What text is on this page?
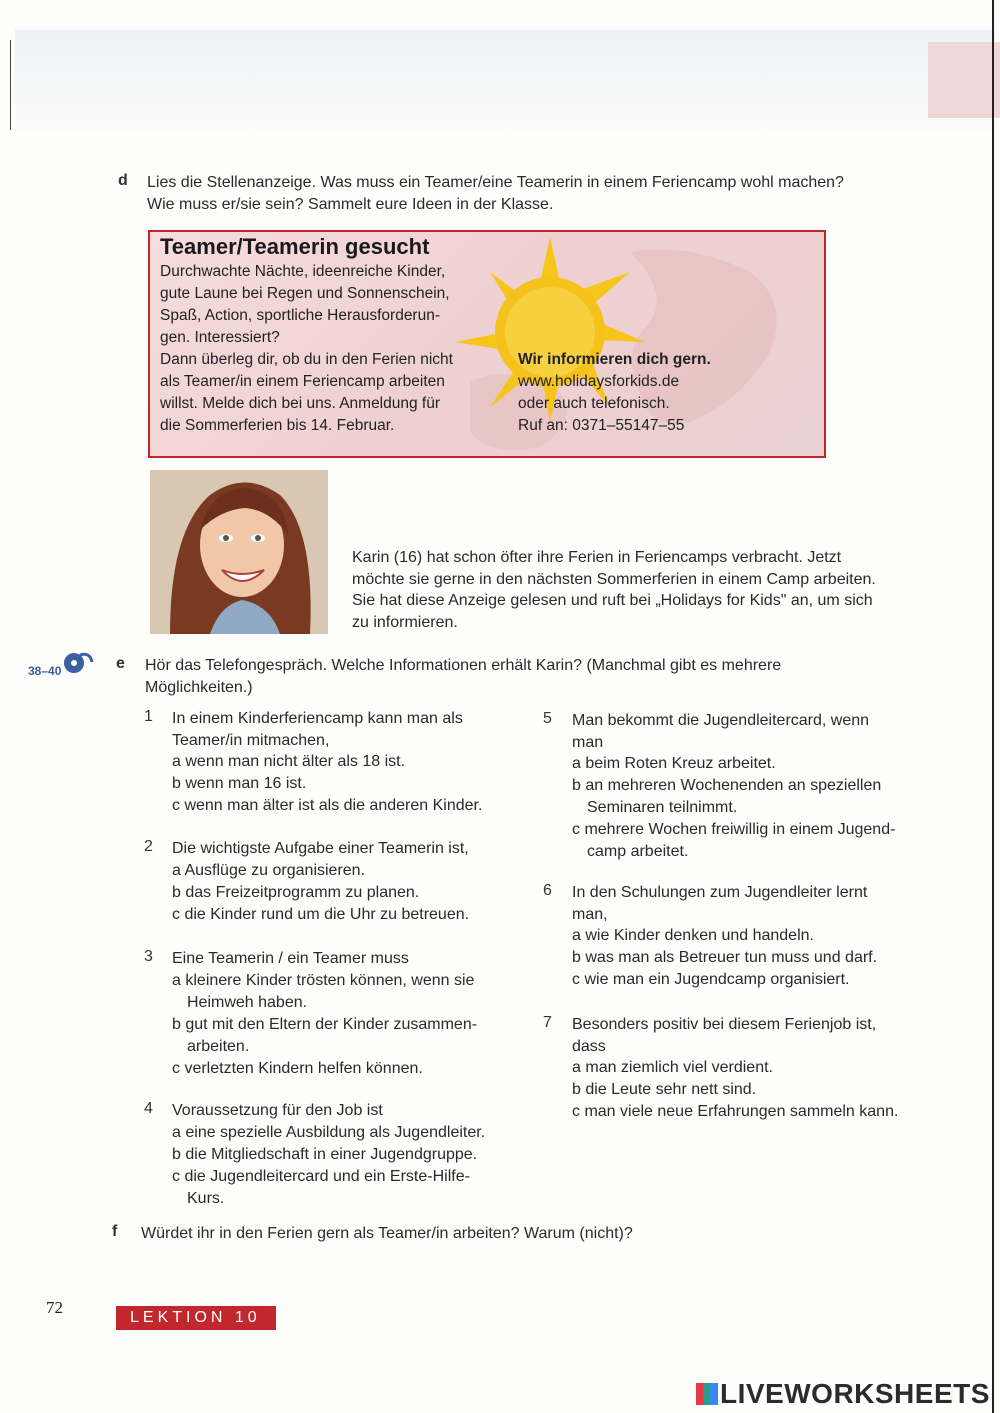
d Lies die Stellenanzeige. Was muss ein Teamer/eine Teamerin in einem Feriencamp wohl machen?
Wie muss er/sie sein? Sammelt eure Ideen in der Klasse.
Teamer/Teamerin gesucht
Durchwachte Nächte, ideenreiche Kinder,
gute Laune bei Regen und Sonnenschein,
Spaß, Action, sportliche Herausforderun-
gen. Interessiert?
Dann überleg dir, ob du in den Ferien nicht
als Teamer/in einem Feriencamp arbeiten
willst. Melde dich bei uns. Anmeldung für
die Sommerferien bis 14. Februar.
Wir informieren dich gern.
www.holidaysforkids.de
oder auch telefonisch.
Ruf an: 0371–55147–55
Karin (16) hat schon öfter ihre Ferien in Feriencamps verbracht. Jetzt
möchte sie gerne in den nächsten Sommerferien in einem Camp arbeiten.
Sie hat diese Anzeige gelesen und ruft bei „Holidays for Kids" an, um sich
zu informieren.
38–40	e Hör das Telefongespräch. Welche Informationen erhält Karin? (Manchmal gibt es mehrere
Möglichkeiten.)
1 In einem Kinderferiencamp kann man als
Teamer/in mitmachen,
a wenn man nicht älter als 18 ist.
b wenn man 16 ist.
c wenn man älter ist als die anderen Kinder.
2 Die wichtigste Aufgabe einer Teamerin ist,
a Ausflüge zu organisieren.
b das Freizeitprogramm zu planen.
c die Kinder rund um die Uhr zu betreuen.
3 Eine Teamerin / ein Teamer muss
a kleinere Kinder trösten können, wenn sie
Heimweh haben.
b gut mit den Eltern der Kinder zusammen-
arbeiten.
c verletzten Kindern helfen können.
4 Voraussetzung für den Job ist
a eine spezielle Ausbildung als Jugendleiter.
b die Mitgliedschaft in einer Jugendgruppe.
c die Jugendleitercard und ein Erste-Hilfe-
Kurs.
5 Man bekommt die Jugendleitercard, wenn
man
a beim Roten Kreuz arbeitet.
b an mehreren Wochenenden an speziellen
Seminaren teilnimmt.
c mehrere Wochen freiwillig in einem Jugend-
camp arbeitet.
6 In den Schulungen zum Jugendleiter lernt
man,
a wie Kinder denken und handeln.
b was man als Betreuer tun muss und darf.
c wie man ein Jugendcamp organisiert.
7 Besonders positiv bei diesem Ferienjob ist,
dass
a man ziemlich viel verdient.
b die Leute sehr nett sind.
c man viele neue Erfahrungen sammeln kann.
f Würdet ihr in den Ferien gern als Teamer/in arbeiten? Warum (nicht)?
72
LEKTION 10
LIVEWORKSHEETS
